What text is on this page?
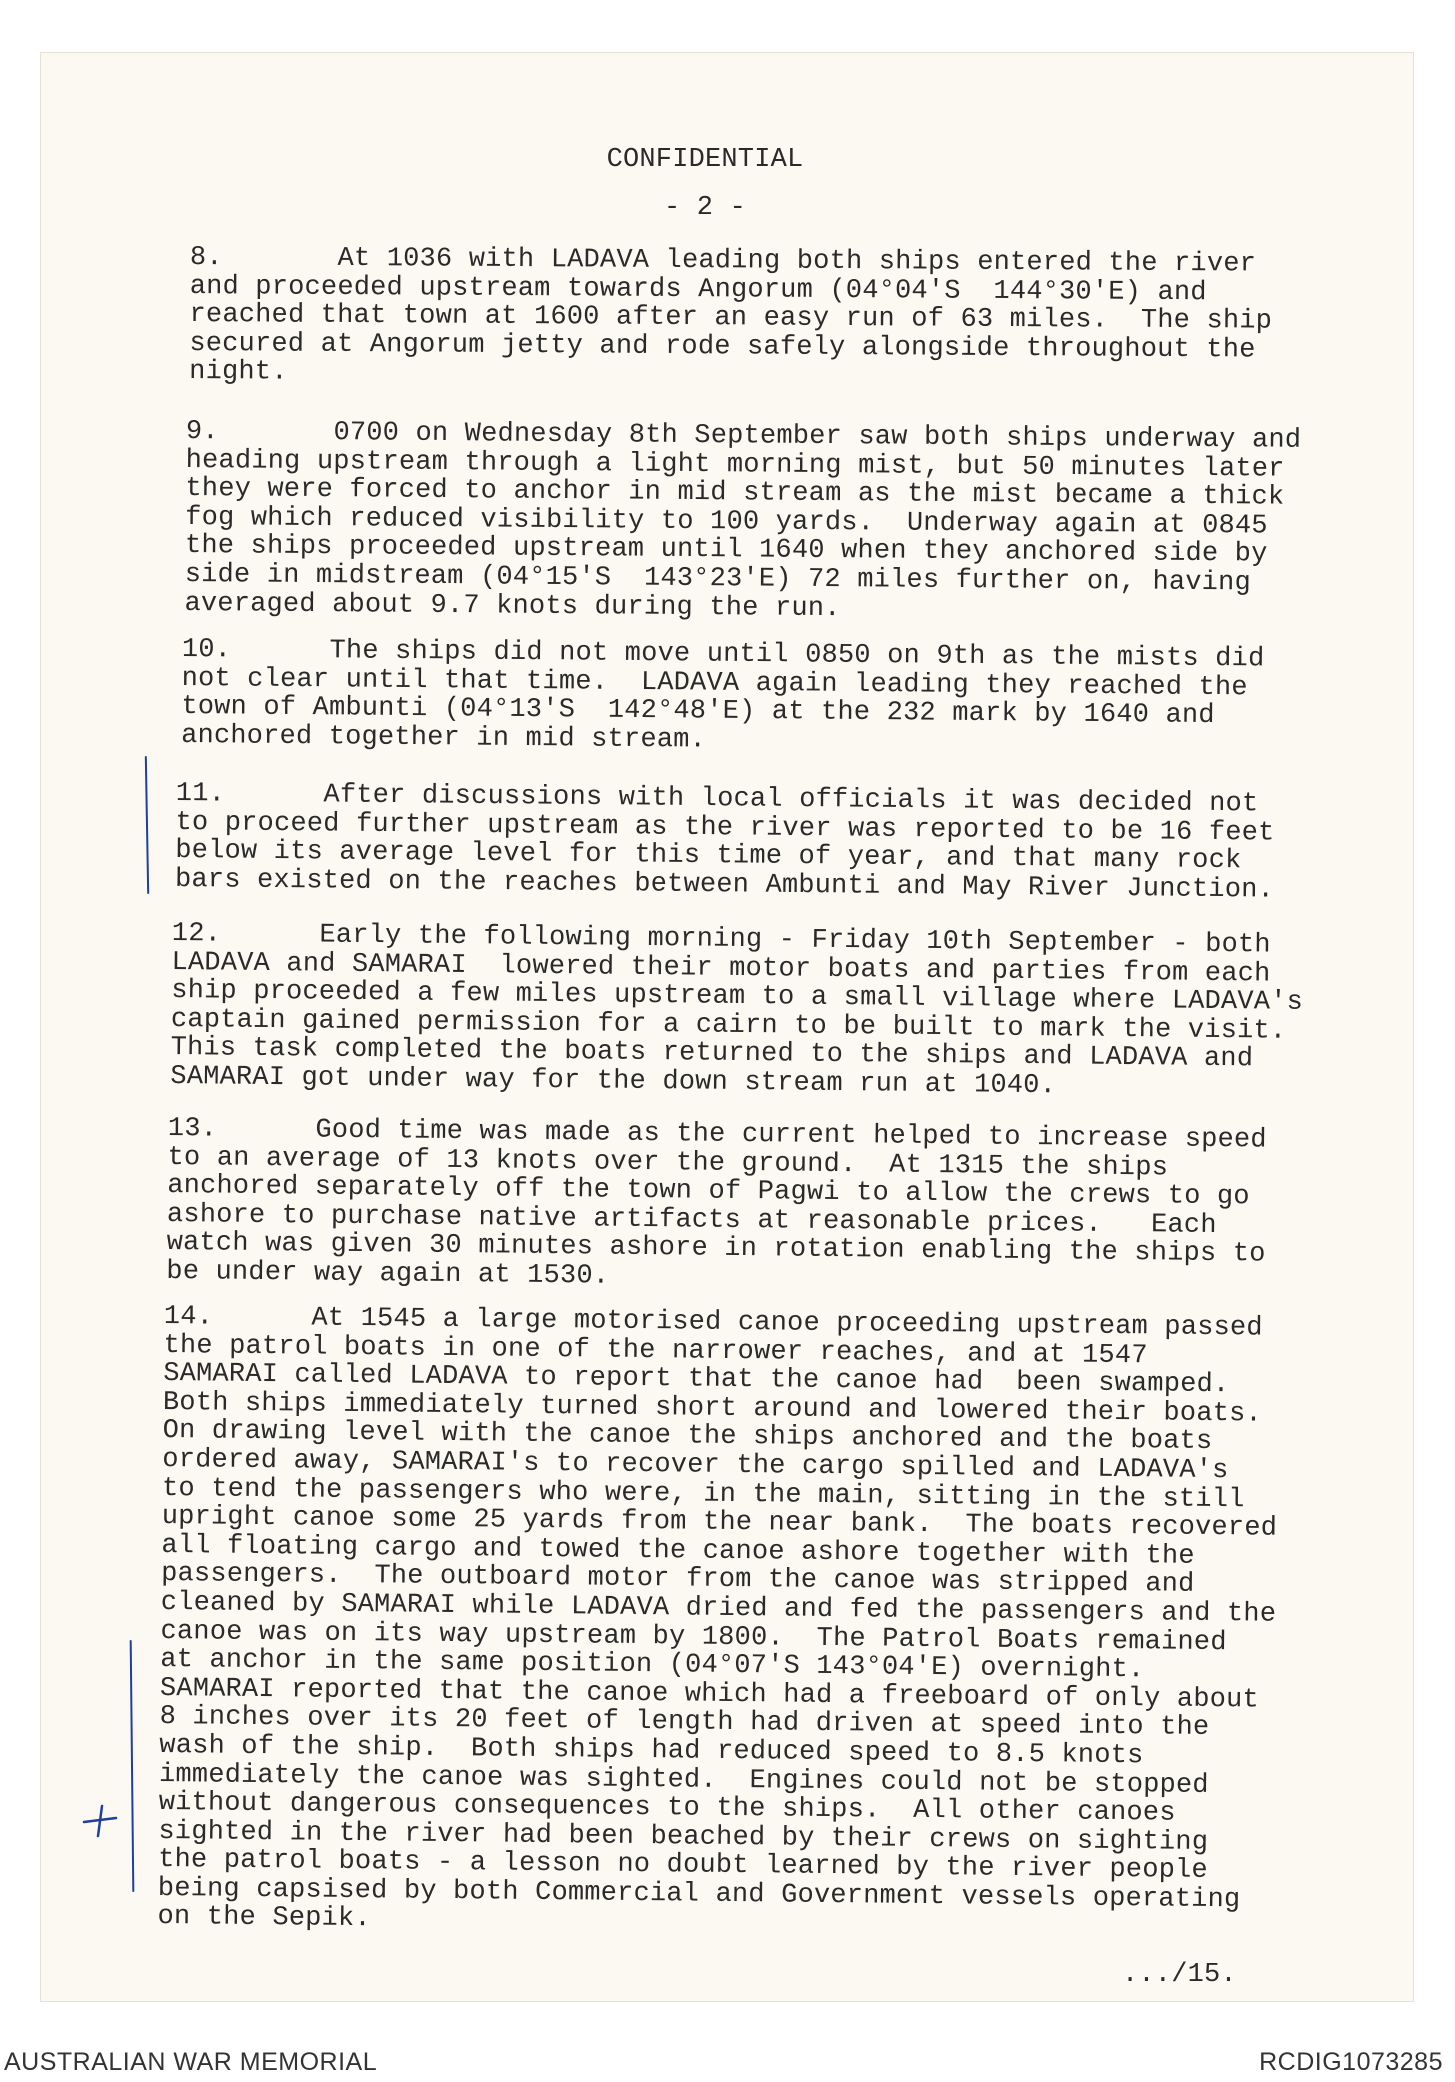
CONFIDENTIAL
- 2 -
8.       At 1036 with LADAVA leading both ships entered the river
and proceeded upstream towards Angorum (04°04'S  144°30'E) and
reached that town at 1600 after an easy run of 63 miles.  The ship
secured at Angorum jetty and rode safely alongside throughout the
night.
9.       0700 on Wednesday 8th September saw both ships underway and
heading upstream through a light morning mist, but 50 minutes later
they were forced to anchor in mid stream as the mist became a thick
fog which reduced visibility to 100 yards.  Underway again at 0845
the ships proceeded upstream until 1640 when they anchored side by
side in midstream (04°15'S  143°23'E) 72 miles further on, having
averaged about 9.7 knots during the run.
10.      The ships did not move until 0850 on 9th as the mists did
not clear until that time.  LADAVA again leading they reached the
town of Ambunti (04°13'S  142°48'E) at the 232 mark by 1640 and
anchored together in mid stream.
11.      After discussions with local officials it was decided not
to proceed further upstream as the river was reported to be 16 feet
below its average level for this time of year, and that many rock
bars existed on the reaches between Ambunti and May River Junction.
12.      Early the following morning - Friday 10th September - both
LADAVA and SAMARAI  lowered their motor boats and parties from each
ship proceeded a few miles upstream to a small village where LADAVA's
captain gained permission for a cairn to be built to mark the visit.
This task completed the boats returned to the ships and LADAVA and
SAMARAI got under way for the down stream run at 1040.
13.      Good time was made as the current helped to increase speed
to an average of 13 knots over the ground.  At 1315 the ships
anchored separately off the town of Pagwi to allow the crews to go
ashore to purchase native artifacts at reasonable prices.   Each
watch was given 30 minutes ashore in rotation enabling the ships to
be under way again at 1530.
14.      At 1545 a large motorised canoe proceeding upstream passed
the patrol boats in one of the narrower reaches, and at 1547
SAMARAI called LADAVA to report that the canoe had  been swamped.
Both ships immediately turned short around and lowered their boats.
On drawing level with the canoe the ships anchored and the boats
ordered away, SAMARAI's to recover the cargo spilled and LADAVA's
to tend the passengers who were, in the main, sitting in the still
upright canoe some 25 yards from the near bank.  The boats recovered
all floating cargo and towed the canoe ashore together with the
passengers.  The outboard motor from the canoe was stripped and
cleaned by SAMARAI while LADAVA dried and fed the passengers and the
canoe was on its way upstream by 1800.  The Patrol Boats remained
at anchor in the same position (04°07'S 143°04'E) overnight.
SAMARAI reported that the canoe which had a freeboard of only about
8 inches over its 20 feet of length had driven at speed into the
wash of the ship.  Both ships had reduced speed to 8.5 knots
immediately the canoe was sighted.  Engines could not be stopped
without dangerous consequences to the ships.  All other canoes
sighted in the river had been beached by their crews on sighting
the patrol boats - a lesson no doubt learned by the river people
being capsised by both Commercial and Government vessels operating
on the Sepik.
.../15.
AUSTRALIAN WAR MEMORIAL	RCDIG1073285
